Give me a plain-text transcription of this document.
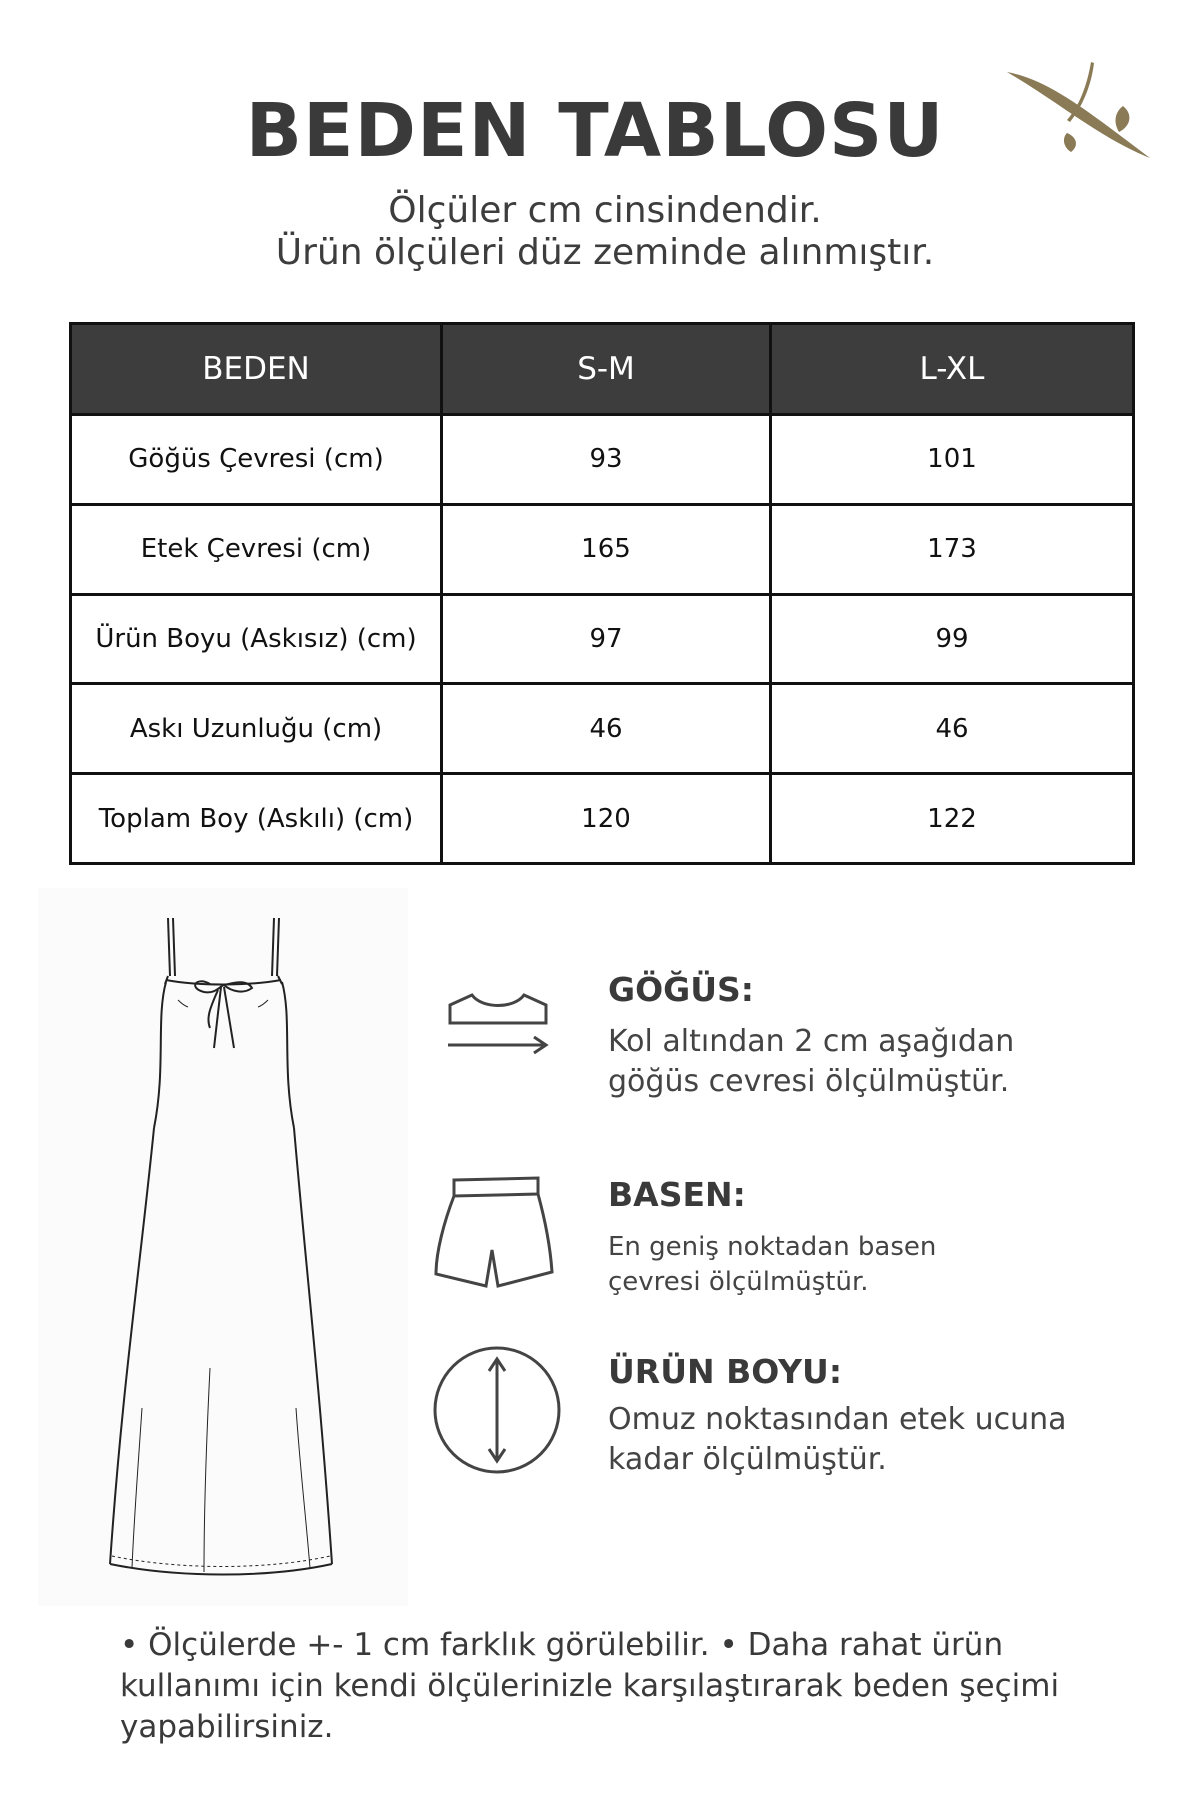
BEDEN TABLOSU
Ölçüler cm cinsindendir.
Ürün ölçüleri düz zeminde alınmıştır.
BEDEN	S-M	L-XL
Göğüs Çevresi (cm)	93	101
Etek Çevresi (cm)	165	173
Ürün Boyu (Askısız) (cm)	97	99
Askı Uzunluğu (cm)	46	46
Toplam Boy (Askılı) (cm)	120	122
GÖĞÜS:
Kol altından 2 cm aşağıdan
göğüs cevresi ölçülmüştür.
BASEN:
En geniş noktadan basen
çevresi ölçülmüştür.
ÜRÜN BOYU:
Omuz noktasından etek ucuna
kadar ölçülmüştür.
• Ölçülerde +- 1 cm farklık görülebilir. • Daha rahat ürün
kullanımı için kendi ölçülerinizle karşılaştırarak beden şeçimi
yapabilirsiniz.
